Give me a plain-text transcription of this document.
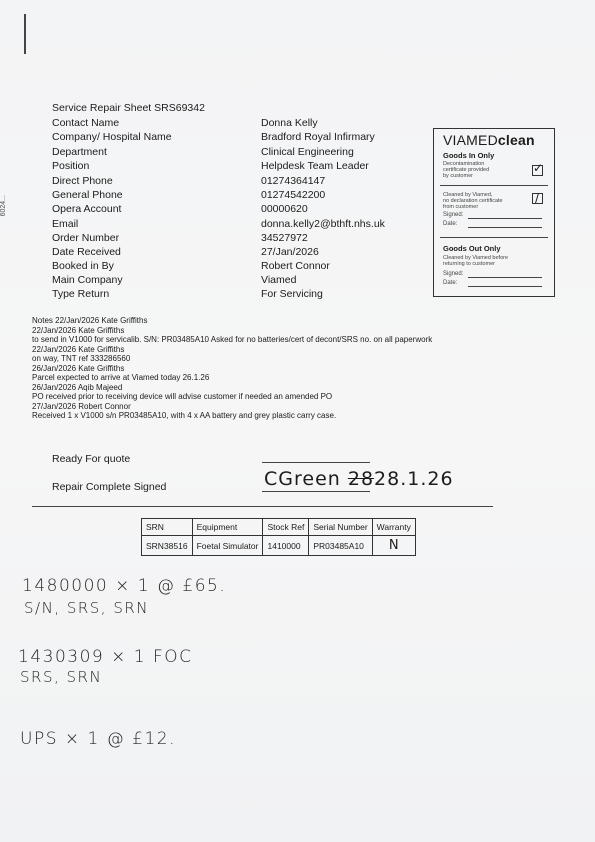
6024...
Service Repair Sheet SRS69342
Contact Name	Donna Kelly
Company/ Hospital Name	Bradford Royal Infirmary
Department	Clinical Engineering
Position	Helpdesk Team Leader
Direct Phone	01274364147
General Phone	01274542200
Opera Account	00000620
Email	donna.kelly2@bthft.nhs.uk
Order Number	34527972
Date Received	27/Jan/2026
Booked in By	Robert Connor
Main Company	Viamed
Type Return	For Servicing
VIAMEDclean
Goods In Only
Decontamination
certificate provided
by customer
✓
Cleaned by Viamed,
no declaration certificate
from customer
/
Signed:
Date:
Goods Out Only
Cleaned by Viamed before
returning to customer
Signed:
Date:
Notes 22/Jan/2026 Kate Griffiths
22/Jan/2026 Kate Griffiths
to send in V1000 for servicalib. S/N: PR03485A10 Asked for no batteries/cert of decont/SRS no. on all paperwork
22/Jan/2026 Kate Griffiths
on way, TNT ref 333286560
26/Jan/2026 Kate Griffiths
Parcel expected to arrive at Viamed today 26.1.26
26/Jan/2026 Aqib Majeed
PO received prior to receiving device will advise customer if needed an amended PO
27/Jan/2026 Robert Connor
Received 1 x V1000 s/n PR03485A10, with 4 x AA battery and grey plastic carry case.
Ready For quote
Repair Complete Signed	CGreen 2828.1.26
SRN	Equipment	Stock Ref	Serial Number	Warranty
SRN38516	Foetal Simulator	1410000	PR03485A10	N
1480000 × 1 @ £65.
S/N, SRS, SRN
1430309 × 1 FOC
SRS, SRN
UPS × 1 @ £12.
